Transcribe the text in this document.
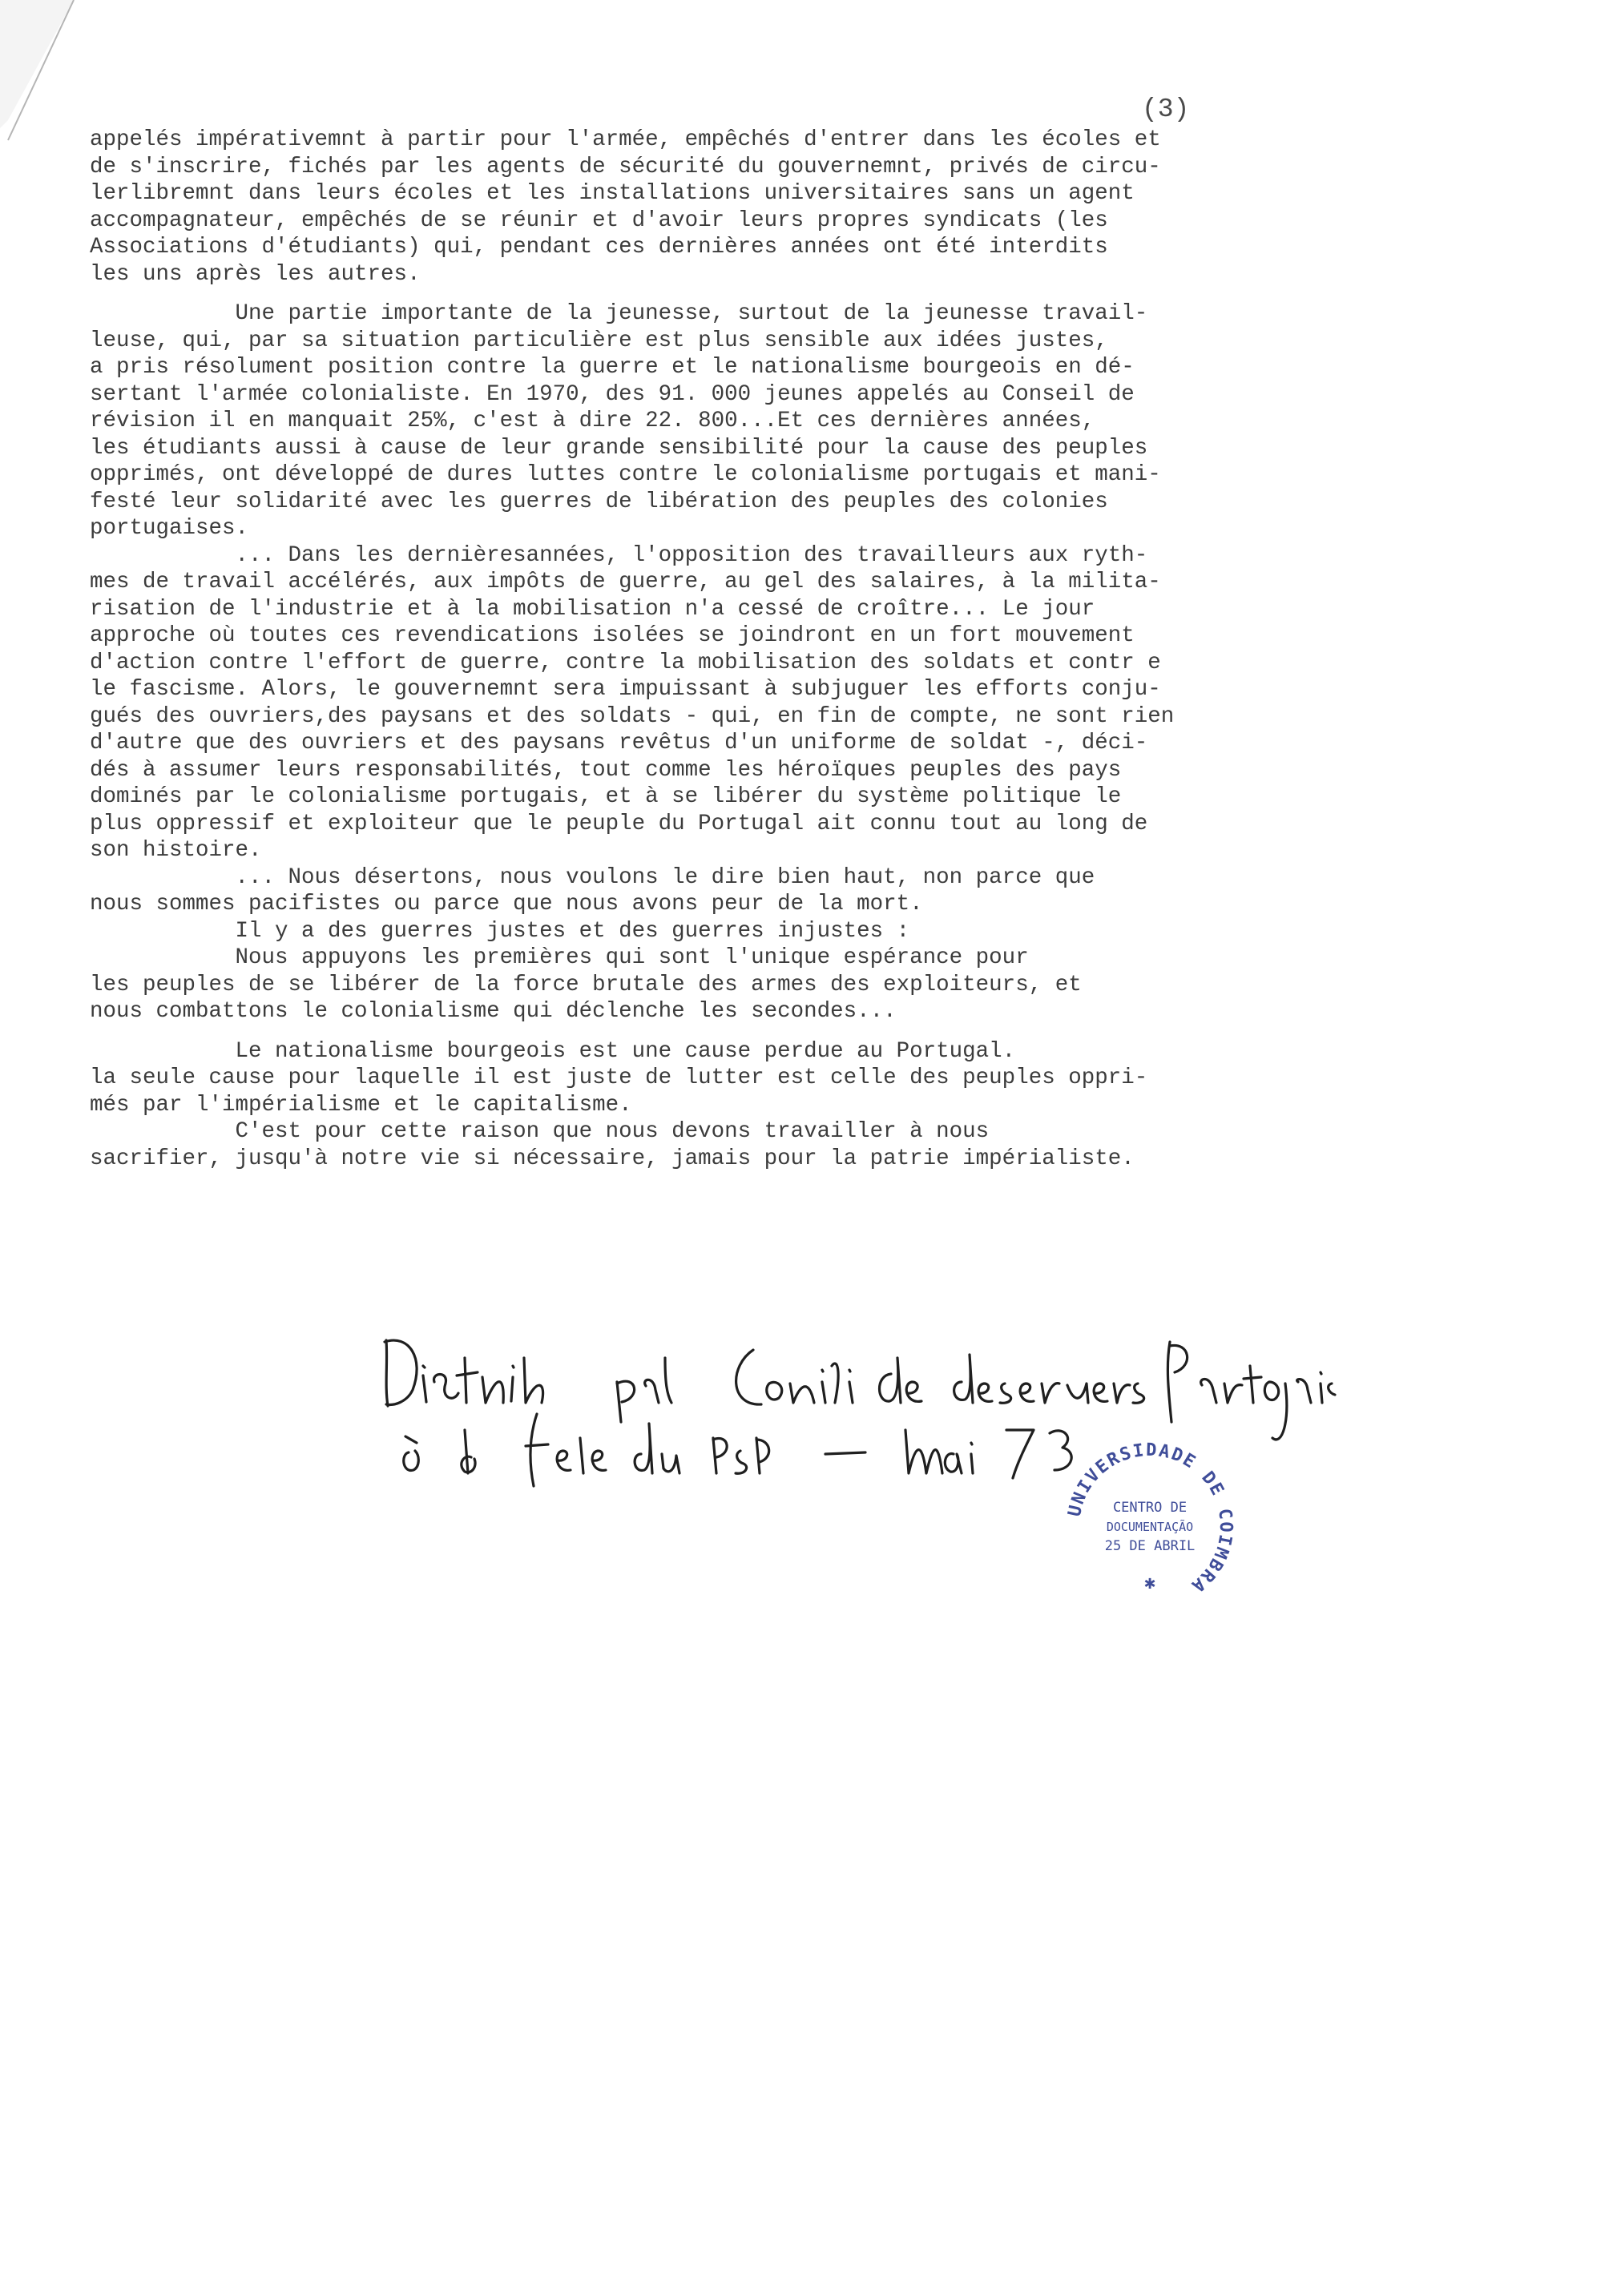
(3)
appelés impérativemnt à partir pour l'armée, empêchés d'entrer dans les écoles et
de s'inscrire, fichés par les agents de sécurité du gouvernemnt, privés de circu-
lerlibremnt dans leurs écoles et les installations universitaires sans un agent
accompagnateur, empêchés de se réunir et d'avoir leurs propres syndicats (les
Associations d'étudiants) qui, pendant ces dernières années ont été interdits
les uns après les autres.
Une partie importante de la jeunesse, surtout de la jeunesse travail-
leuse, qui, par sa situation particulière est plus sensible aux idées justes,
a pris résolument position contre la guerre et le nationalisme bourgeois en dé-
sertant l'armée colonialiste. En 1970, des 91. 000 jeunes appelés au Conseil de
révision il en manquait 25%, c'est à dire 22. 800...Et ces dernières années,
les étudiants aussi à cause de leur grande sensibilité pour la cause des peuples
opprimés, ont développé de dures luttes contre le colonialisme portugais et mani-
festé leur solidarité avec les guerres de libération des peuples des colonies
portugaises.
... Dans les dernièresannées, l'opposition des travailleurs aux ryth-
mes de travail accélérés, aux impôts de guerre, au gel des salaires, à la milita-
risation de l'industrie et à la mobilisation n'a cessé de croître... Le jour
approche où toutes ces revendications isolées se joindront en un fort mouvement
d'action contre l'effort de guerre, contre la mobilisation des soldats et contr e
le fascisme. Alors, le gouvernemnt sera impuissant à subjuguer les efforts conju-
gués des ouvriers,des paysans et des soldats - qui, en fin de compte, ne sont rien
d'autre que des ouvriers et des paysans revêtus d'un uniforme de soldat -, déci-
dés à assumer leurs responsabilités, tout comme les héroïques peuples des pays
dominés par le colonialisme portugais, et à se libérer du système politique le
plus oppressif et exploiteur que le peuple du Portugal ait connu tout au long de
son histoire.
... Nous désertons, nous voulons le dire bien haut, non parce que
nous sommes pacifistes ou parce que nous avons peur de la mort.
Il y a des guerres justes et des guerres injustes :
Nous appuyons les premières qui sont l'unique espérance pour
les peuples de se libérer de la force brutale des armes des exploiteurs, et
nous combattons le colonialisme qui déclenche les secondes...
Le nationalisme bourgeois est une cause perdue au Portugal.
la seule cause pour laquelle il est juste de lutter est celle des peuples oppri-
més par l'impérialisme et le capitalisme.
C'est pour cette raison que nous devons travailler à nous
sacrifier, jusqu'à notre vie si nécessaire, jamais pour la patrie impérialiste.
UNIVERSIDADE DE COIMBRA
CENTRO DE
DOCUMENTAÇÃO
25 DE ABRIL
✱
